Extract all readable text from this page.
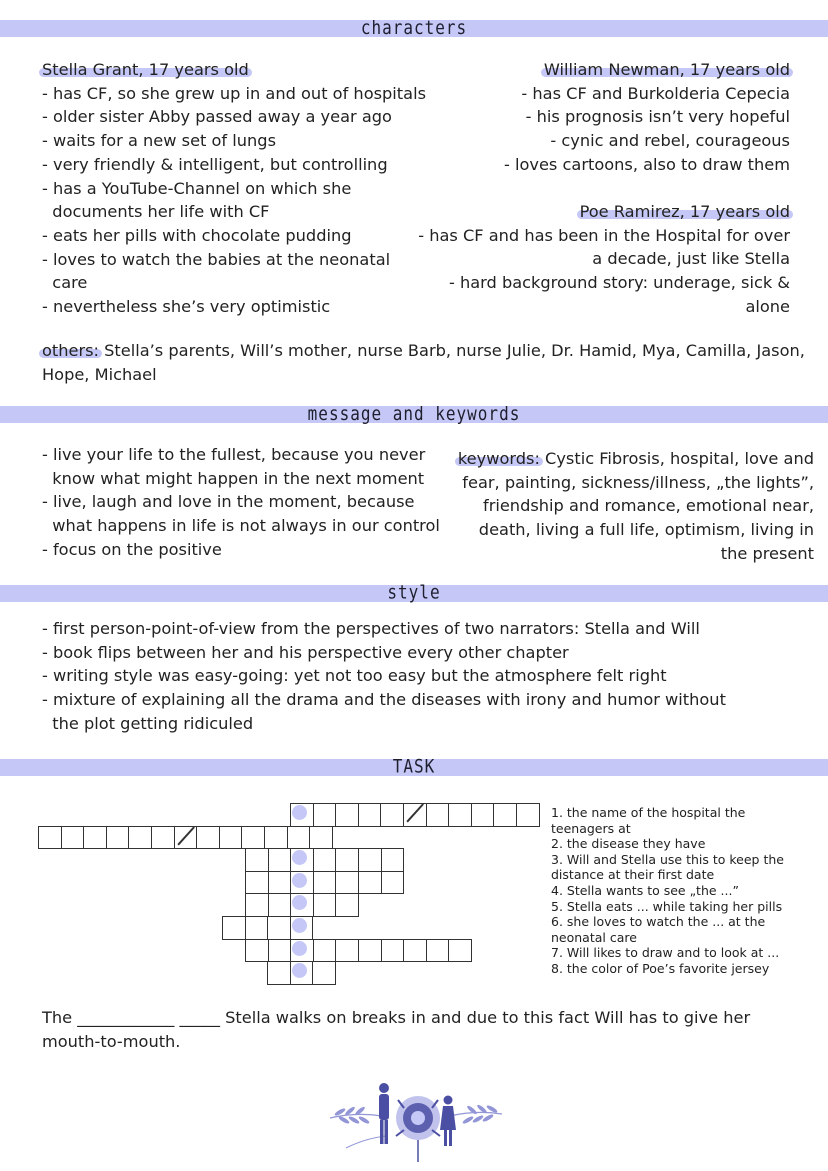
characters
Stella Grant, 17 years old
- has CF, so she grew up in and out of hospitals
- older sister Abby passed away a year ago
- waits for a new set of lungs
- very friendly & intelligent, but controlling
- has a YouTube-Channel on which she
documents her life with CF
- eats her pills with chocolate pudding
- loves to watch the babies at the neonatal
care
- nevertheless she’s very optimistic
William Newman, 17 years old
- has CF and Burkolderia Cepecia
- his prognosis isn’t very hopeful
- cynic and rebel, courageous
- loves cartoons, also to draw them
Poe Ramirez, 17 years old
- has CF and has been in the Hospital for over
a decade, just like Stella
- hard background story: underage, sick &
alone
others: Stella’s parents, Will’s mother, nurse Barb, nurse Julie, Dr. Hamid, Mya, Camilla, Jason,
Hope, Michael
message and keywords
- live your life to the fullest, because you never
know what might happen in the next moment
- live, laugh and love in the moment, because
what happens in life is not always in our control
- focus on the positive
keywords: Cystic Fibrosis, hospital, love and
fear, painting, sickness/illness, „the lights”,
friendship and romance, emotional near,
death, living a full life, optimism, living in
the present
style
- first person-point-of-view from the perspectives of two narrators: Stella and Will
- book flips between her and his perspective every other chapter
- writing style was easy-going: yet not too easy but the atmosphere felt right
- mixture of explaining all the drama and the diseases with irony and humor without
the plot getting ridiculed
TASK
1. the name of the hospital the
teenagers at
2. the disease they have
3. Will and Stella use this to keep the
distance at their first date
4. Stella wants to see „the ...”
5. Stella eats ... while taking her pills
6. she loves to watch the ... at the
neonatal care
7. Will likes to draw and to look at ...
8. the color of Poe’s favorite jersey
The ____________ _____ Stella walks on breaks in and due to this fact Will has to give her
mouth-to-mouth.
